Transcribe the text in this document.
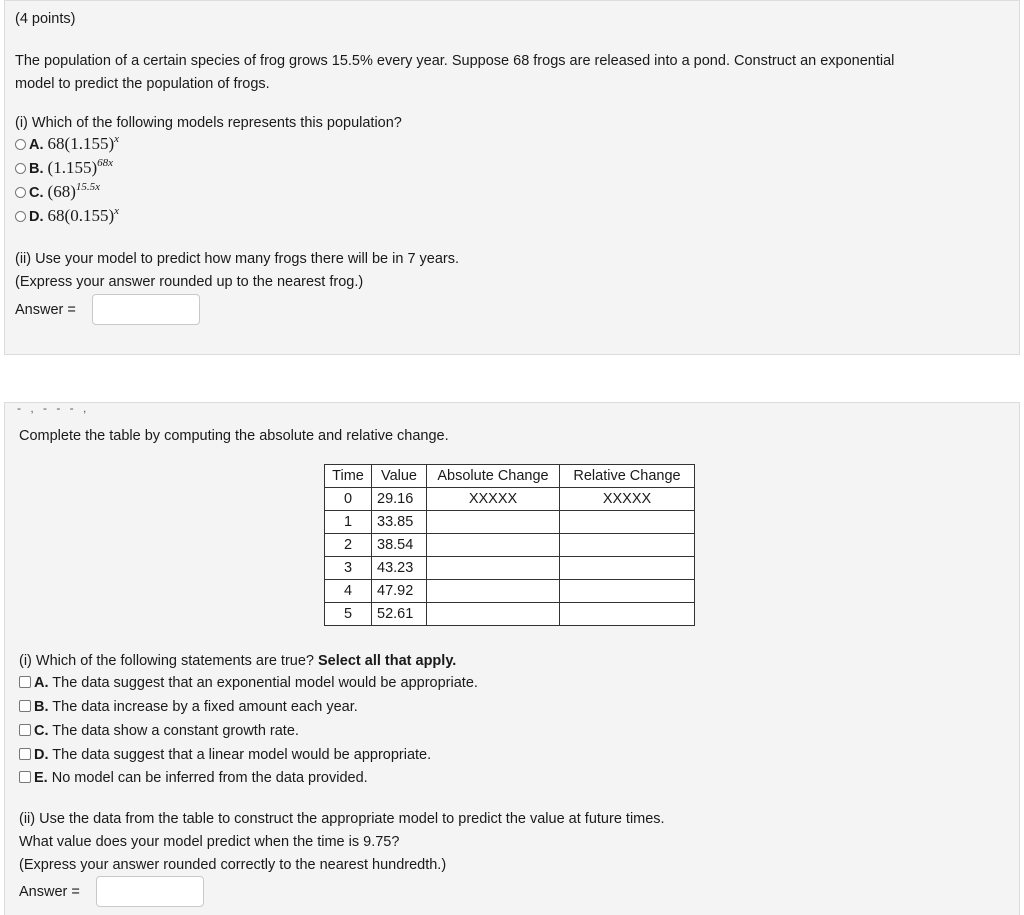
(4 points)
The population of a certain species of frog grows 15.5% every year. Suppose 68 frogs are released into a pond. Construct an exponential
model to predict the population of frogs.
(i) Which of the following models represents this population?
A. $68(1.155)^x$
B. $(1.155)^{68x}$
C. $(68)^{15.5x}$
D. $68(0.155)^x$
(ii) Use your model to predict how many frogs there will be in 7 years.
(Express your answer rounded up to the nearest frog.)
Answer =
- , - - - ,
Complete the table by computing the absolute and relative change.
Time	Value	Absolute Change	Relative Change
0	29.16	XXXXX	XXXXX
1	33.85		
2	38.54		
3	43.23		
4	47.92		
5	52.61		
(i) Which of the following statements are true? Select all that apply.
A. The data suggest that an exponential model would be appropriate.
B. The data increase by a fixed amount each year.
C. The data show a constant growth rate.
D. The data suggest that a linear model would be appropriate.
E. No model can be inferred from the data provided.
(ii) Use the data from the table to construct the appropriate model to predict the value at future times.
What value does your model predict when the time is 9.75?
(Express your answer rounded correctly to the nearest hundredth.)
Answer =
